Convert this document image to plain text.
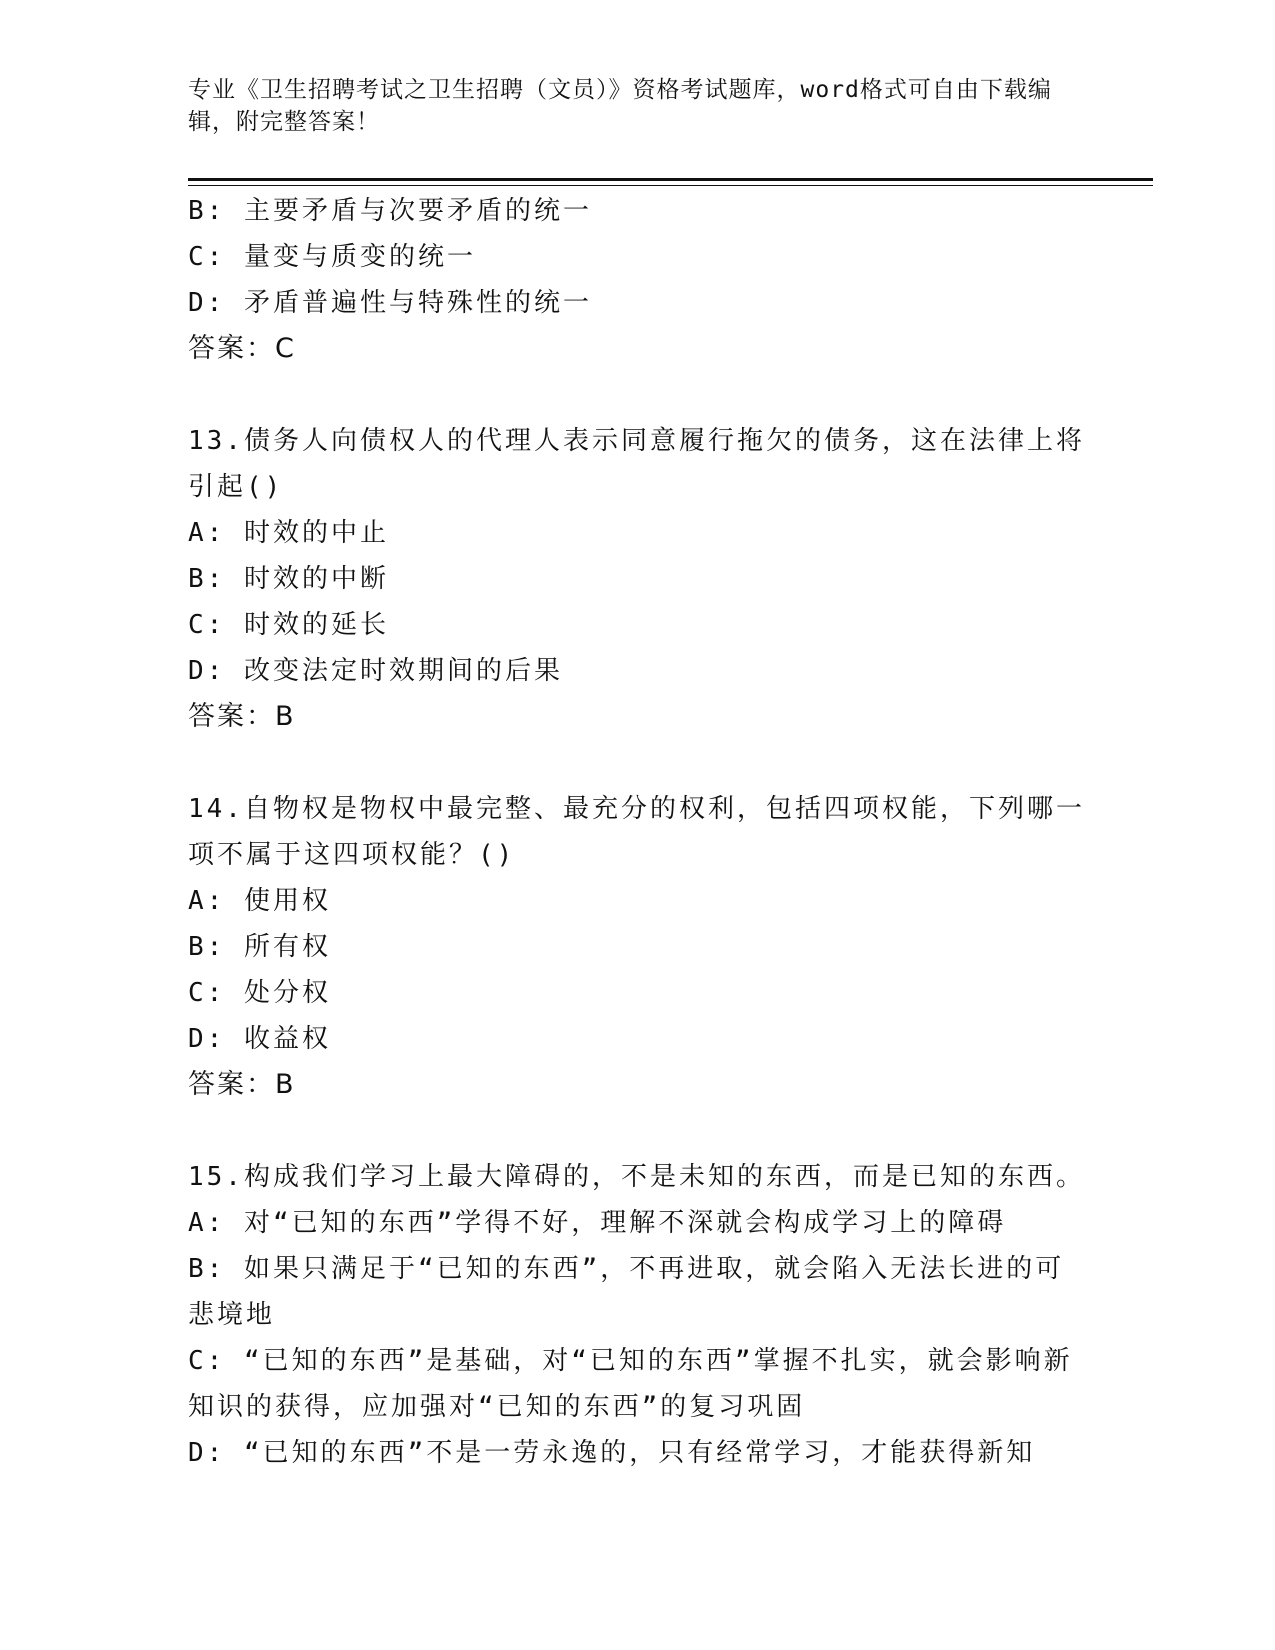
专业《卫生招聘考试之卫生招聘（文员）》资格考试题库，word格式可自由下载编辑，附完整答案！
B: 主要矛盾与次要矛盾的统一
C: 量变与质变的统一
D: 矛盾普遍性与特殊性的统一
答案：C
13.债务人向债权人的代理人表示同意履行拖欠的债务，这在法律上将引起()
A: 时效的中止
B: 时效的中断
C: 时效的延长
D: 改变法定时效期间的后果
答案：B
14.自物权是物权中最完整、最充分的权利，包括四项权能，下列哪一项不属于这四项权能？()
A: 使用权
B: 所有权
C: 处分权
D: 收益权
答案：B
15.构成我们学习上最大障碍的，不是未知的东西，而是已知的东西。
A: 对“已知的东西”学得不好，理解不深就会构成学习上的障碍
B: 如果只满足于“已知的东西”，不再进取，就会陷入无法长进的可悲境地
C: “已知的东西”是基础，对“已知的东西”掌握不扎实，就会影响新知识的获得，应加强对“已知的东西”的复习巩固
D: “已知的东西”不是一劳永逸的，只有经常学习，才能获得新知
